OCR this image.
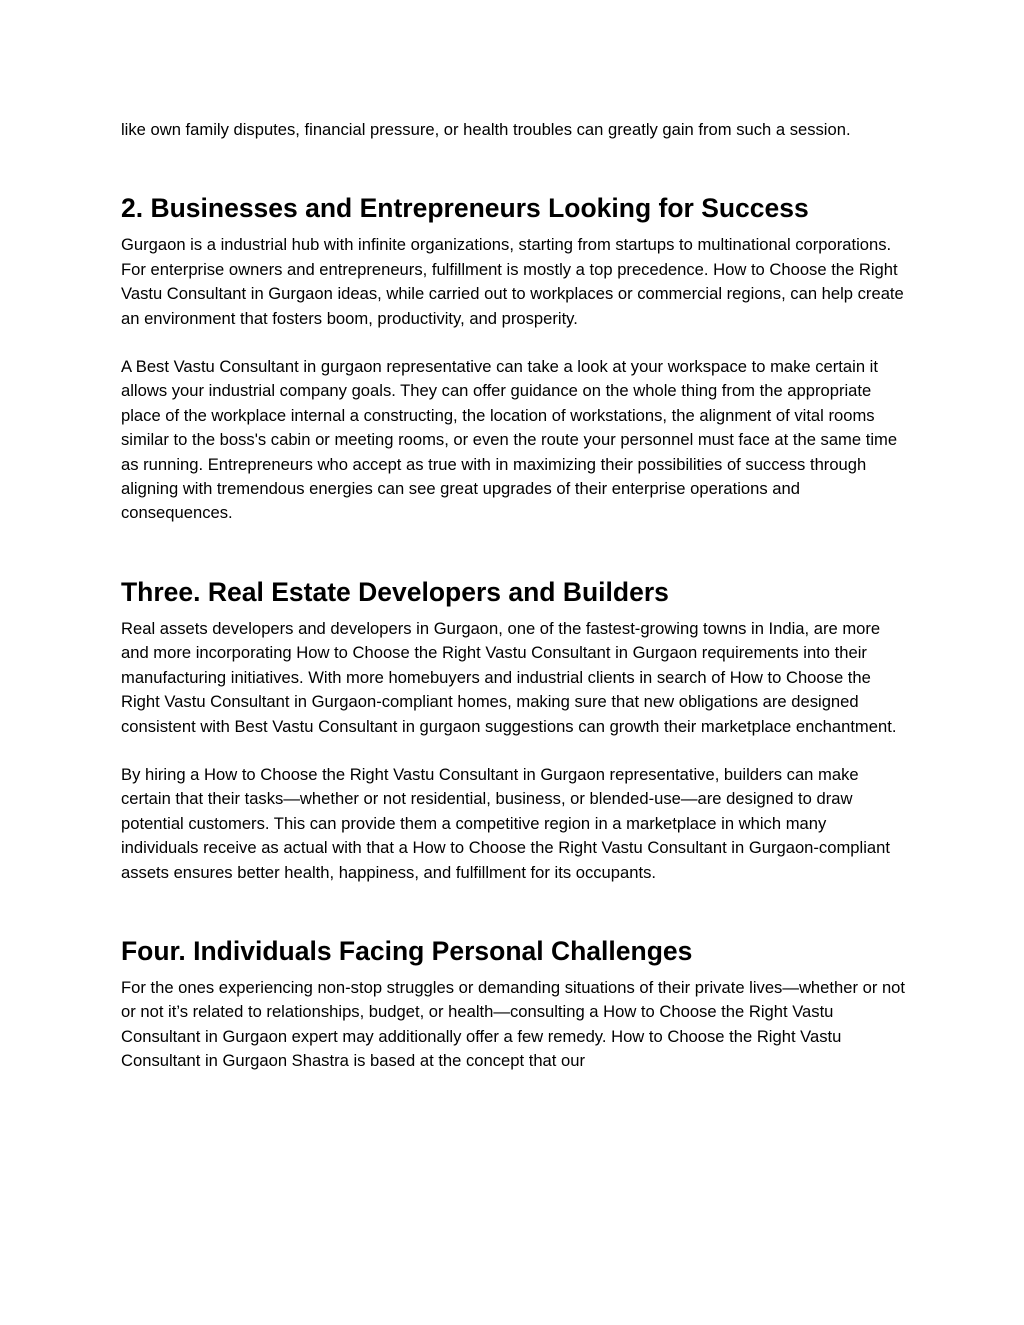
like own family disputes, financial pressure, or health troubles can greatly gain from such a session.

2. Businesses and Entrepreneurs Looking for Success

Gurgaon is a industrial hub with infinite organizations, starting from startups to multinational corporations. For enterprise owners and entrepreneurs, fulfillment is mostly a top precedence. How to Choose the Right Vastu Consultant in Gurgaon ideas, while carried out to workplaces or commercial regions, can help create an environment that fosters boom, productivity, and prosperity.

A Best Vastu Consultant in gurgaon representative can take a look at your workspace to make certain it allows your industrial company goals. They can offer guidance on the whole thing from the appropriate place of the workplace internal a constructing, the location of workstations, the alignment of vital rooms similar to the boss's cabin or meeting rooms, or even the route your personnel must face at the same time as running. Entrepreneurs who accept as true with in maximizing their possibilities of success through aligning with tremendous energies can see great upgrades of their enterprise operations and consequences.

Three. Real Estate Developers and Builders

Real assets developers and developers in Gurgaon, one of the fastest-growing towns in India, are more and more incorporating How to Choose the Right Vastu Consultant in Gurgaon requirements into their manufacturing initiatives. With more homebuyers and industrial clients in search of How to Choose the Right Vastu Consultant in Gurgaon-compliant homes, making sure that new obligations are designed consistent with Best Vastu Consultant in gurgaon suggestions can growth their marketplace enchantment.

By hiring a How to Choose the Right Vastu Consultant in Gurgaon representative, builders can make certain that their tasks—whether or not residential, business, or blended-use—are designed to draw potential customers. This can provide them a competitive region in a marketplace in which many individuals receive as actual with that a How to Choose the Right Vastu Consultant in Gurgaon-compliant assets ensures better health, happiness, and fulfillment for its occupants.

Four. Individuals Facing Personal Challenges

For the ones experiencing non-stop struggles or demanding situations of their private lives—whether or not or not it’s related to relationships, budget, or health—consulting a How to Choose the Right Vastu Consultant in Gurgaon expert may additionally offer a few remedy. How to Choose the Right Vastu Consultant in Gurgaon Shastra is based at the concept that our
